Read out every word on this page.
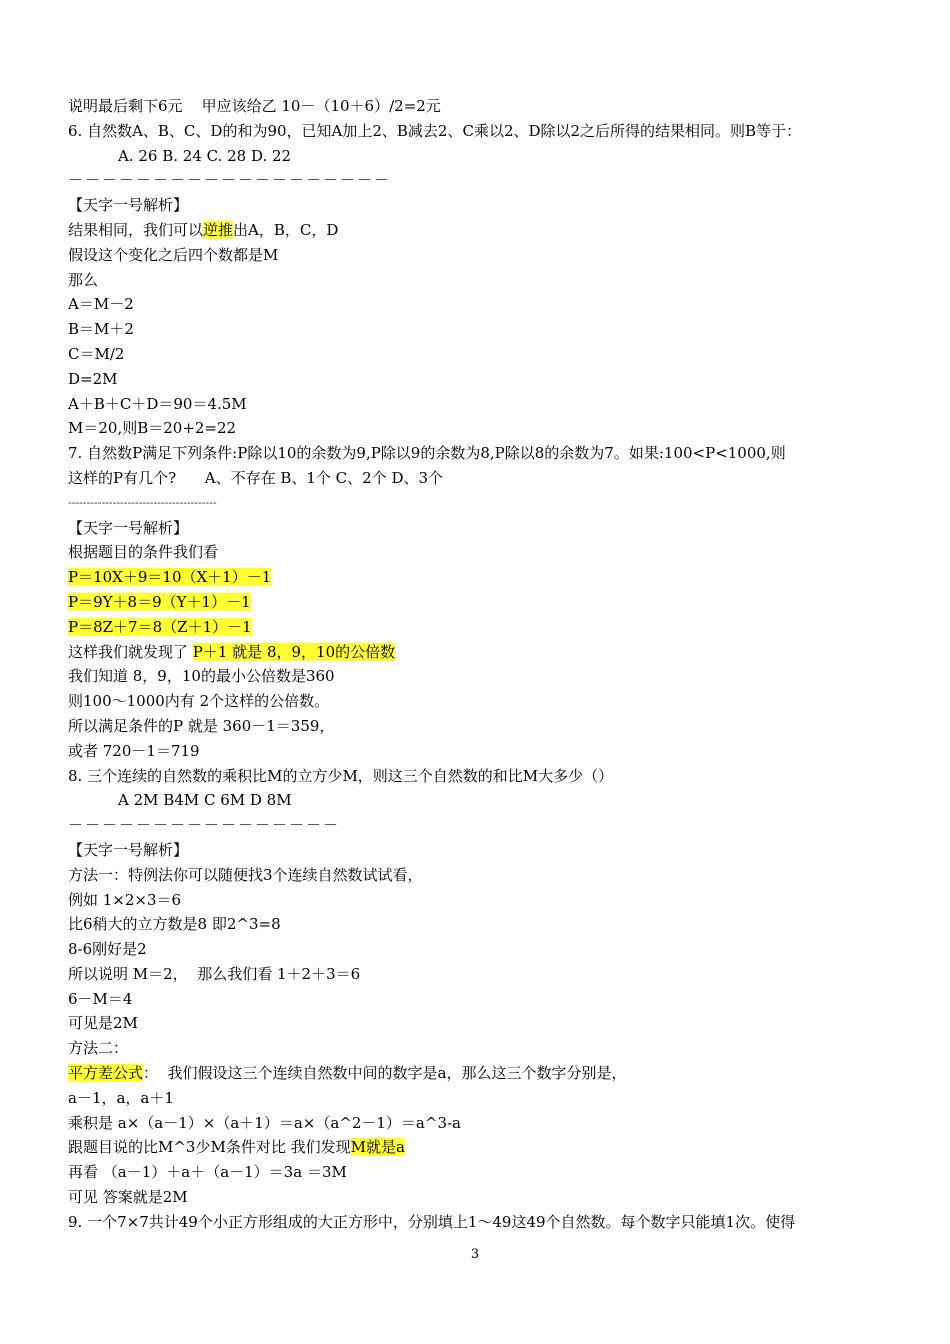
说明最后剩下6元    甲应该给乙 10－（10＋6）/2=2元
6. 自然数A、B、C、D的和为90，已知A加上2、B减去2、C乘以2、D除以2之后所得的结果相同。则B等于：
A. 26 B. 24 C. 28 D. 22
－－－－－－－－－－－－－－－－－－－
【天字一号解析】
结果相同，我们可以逆推出A，B，C，D
假设这个变化之后四个数都是M
那么
A＝M－2
B＝M＋2
C＝M/2
D=2M
A＋B＋C＋D＝90＝4.5M
M＝20,则B＝20+2=22
7. 自然数P满足下列条件:P除以10的余数为9,P除以9的余数为8,P除以8的余数为7。如果:100<P<1000,则
这样的P有几个?      A、不存在 B、1个 C、2个 D、3个
----------------------------------------
【天字一号解析】
根据题目的条件我们看
P＝10X＋9＝10（X＋1）－1
P＝9Y＋8＝9（Y＋1）－1
P＝8Z＋7＝8（Z＋1）－1
这样我们就发现了 P＋1 就是 8，9，10的公倍数
我们知道 8，9，10的最小公倍数是360
则100～1000内有 2个这样的公倍数。
所以满足条件的P 就是 360－1＝359，
或者 720－1＝719
8. 三个连续的自然数的乘积比M的立方少M，则这三个自然数的和比M大多少（）
A 2M B4M C 6M D 8M
－－－－－－－－－－－－－－－－
【天字一号解析】
方法一：特例法你可以随便找3个连续自然数试试看，
例如 1×2×3＝6
比6稍大的立方数是8 即2^3=8
8-6刚好是2
所以说明 M＝2，  那么我们看 1＋2＋3＝6
6－M＝4
可见是2M
方法二：
平方差公式：  我们假设这三个连续自然数中间的数字是a，那么这三个数字分别是，
a－1，a，a＋1
乘积是 a×（a－1）×（a＋1）＝a×（a^2－1）＝a^3-a
跟题目说的比M^3少M条件对比 我们发现M就是a
再看 （a－1）＋a＋（a－1）＝3a ＝3M
可见 答案就是2M
9. 一个7×7共计49个小正方形组成的大正方形中，分别填上1～49这49个自然数。每个数字只能填1次。使得
3
